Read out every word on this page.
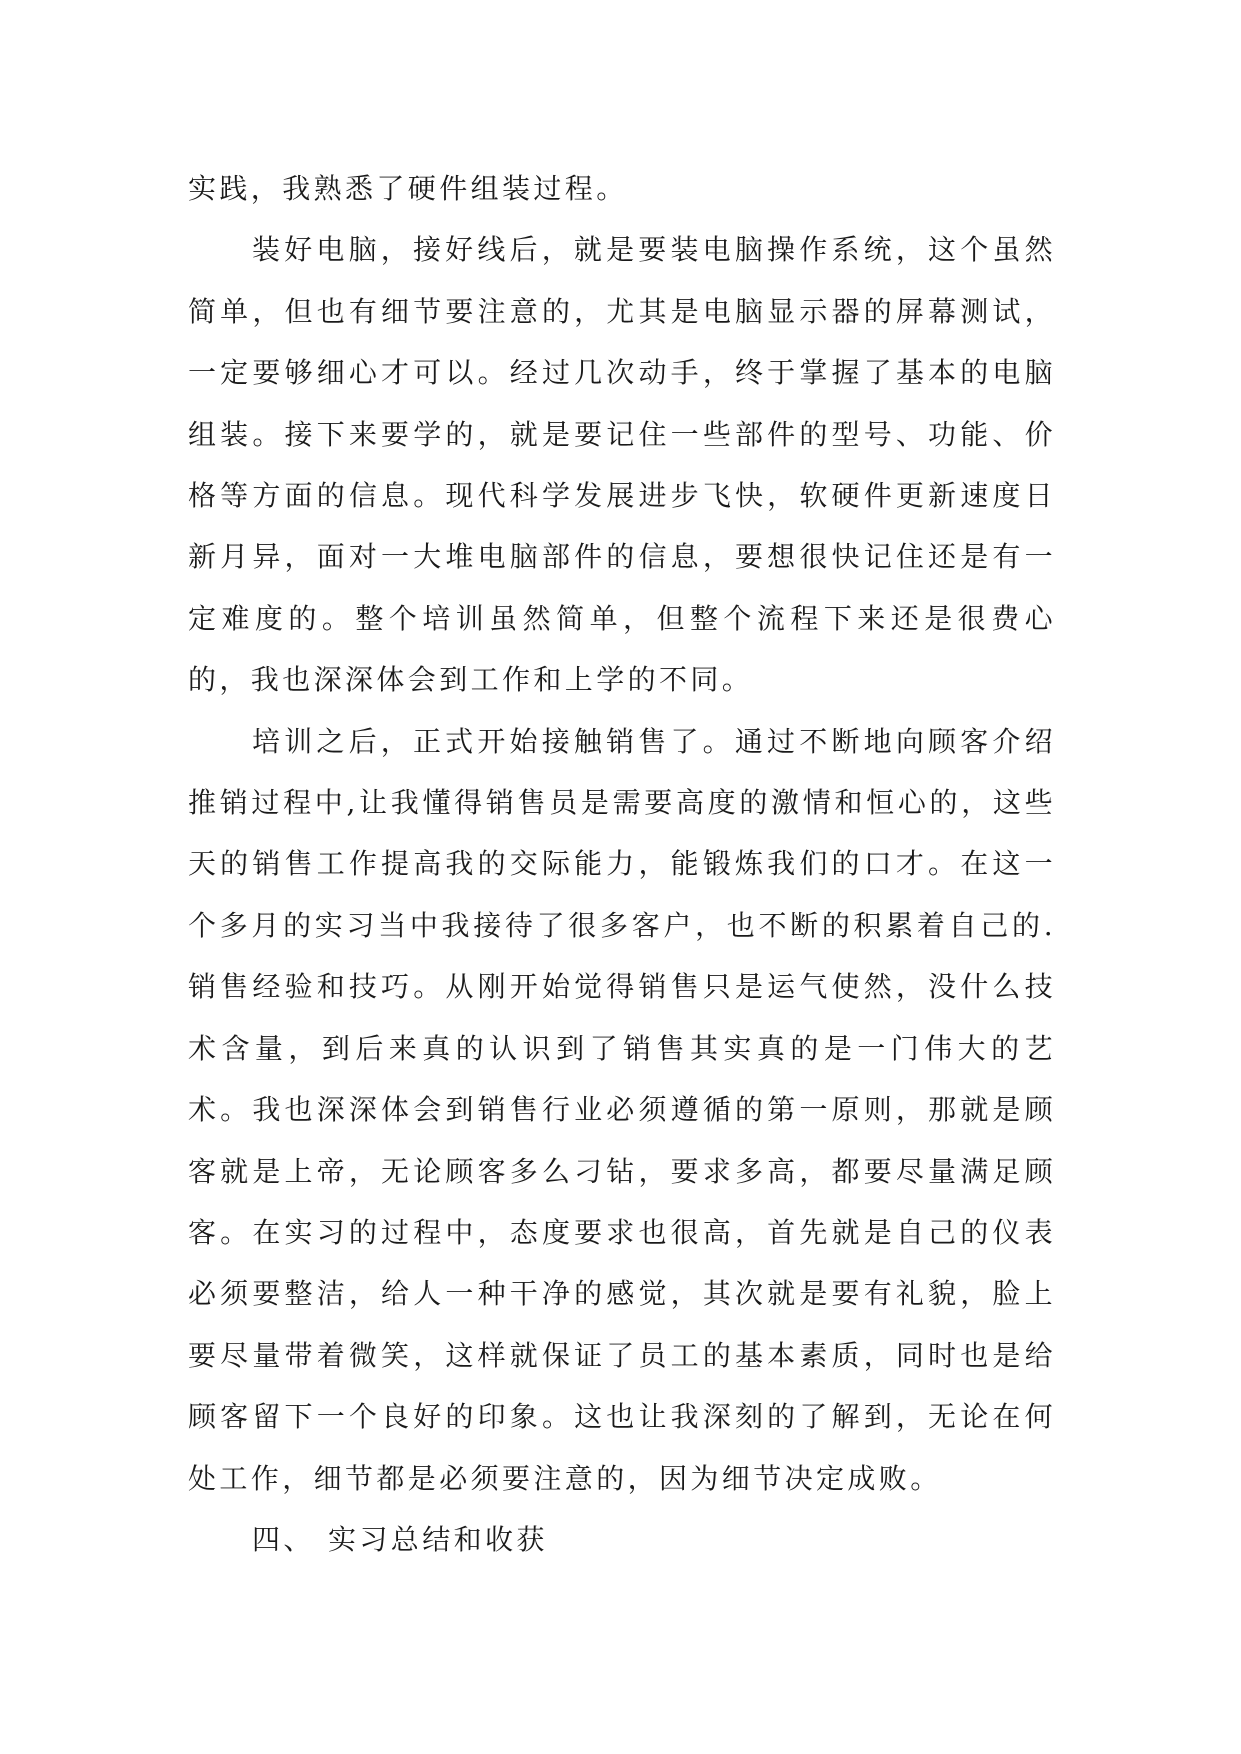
实践，我熟悉了硬件组装过程。

装好电脑，接好线后，就是要装电脑操作系统，这个虽然简单，但也有细节要注意的，尤其是电脑显示器的屏幕测试，一定要够细心才可以。经过几次动手，终于掌握了基本的电脑组装。接下来要学的，就是要记住一些部件的型号、功能、价格等方面的信息。现代科学发展进步飞快，软硬件更新速度日新月异，面对一大堆电脑部件的信息，要想很快记住还是有一定难度的。整个培训虽然简单，但整个流程下来还是很费心的，我也深深体会到工作和上学的不同。

培训之后，正式开始接触销售了。通过不断地向顾客介绍推销过程中,让我懂得销售员是需要高度的激情和恒心的，这些天的销售工作提高我的交际能力，能锻炼我们的口才。在这一个多月的实习当中我接待了很多客户，也不断的积累着自己的.销售经验和技巧。从刚开始觉得销售只是运气使然，没什么技术含量，到后来真的认识到了销售其实真的是一门伟大的艺术。我也深深体会到销售行业必须遵循的第一原则，那就是顾客就是上帝，无论顾客多么刁钻，要求多高，都要尽量满足顾客。在实习的过程中，态度要求也很高，首先就是自己的仪表必须要整洁，给人一种干净的感觉，其次就是要有礼貌，脸上要尽量带着微笑，这样就保证了员工的基本素质，同时也是给顾客留下一个良好的印象。这也让我深刻的了解到，无论在何处工作，细节都是必须要注意的，因为细节决定成败。

四、 实习总结和收获
